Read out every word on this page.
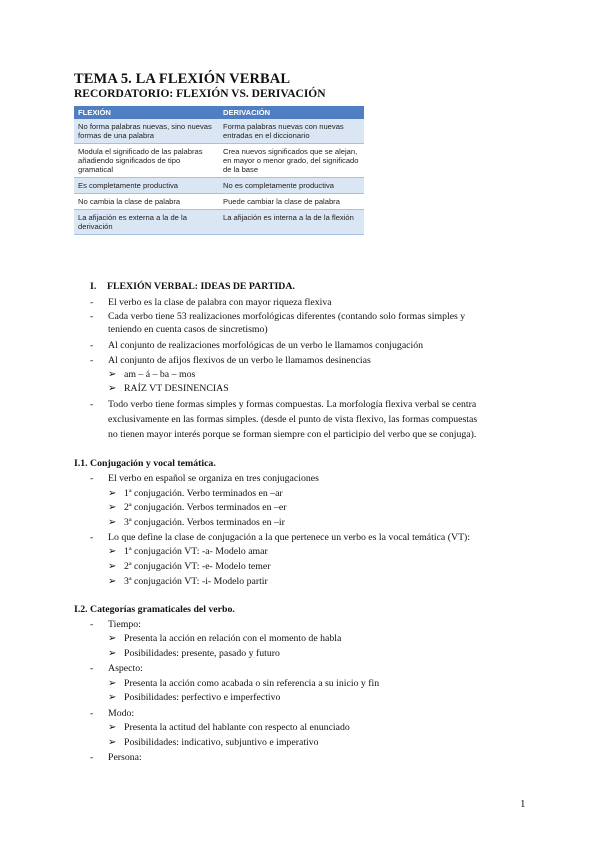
TEMA 5. LA FLEXIÓN VERBAL
RECORDATORIO: FLEXIÓN VS. DERIVACIÓN
FLEXIÓN	DERIVACIÓN
No forma palabras nuevas, sino nuevas formas de una palabra	Forma palabras nuevas con nuevas entradas en el diccionario
Modula el significado de las palabras añadiendo significados de tipo gramatical	Crea nuevos significados que se alejan, en mayor o menor grado, del significado de la base
Es completamente productiva	No es completamente productiva
No cambia la clase de palabra	Puede cambiar la clase de palabra
La afijación es externa a la de la derivación	La afijación es interna a la de la flexión
I. FLEXIÓN VERBAL: IDEAS DE PARTIDA.
- El verbo es la clase de palabra con mayor riqueza flexiva
- Cada verbo tiene 53 realizaciones morfológicas diferentes (contando solo formas simples y
teniendo en cuenta casos de sincretismo)
- Al conjunto de realizaciones morfológicas de un verbo le llamamos conjugación
- Al conjunto de afijos flexivos de un verbo le llamamos desinencias
➢ am – á – ba – mos
➢ RAÍZ VT DESINENCIAS
- Todo verbo tiene formas simples y formas compuestas. La morfología flexiva verbal se centra
exclusivamente en las formas simples. (desde el punto de vista flexivo, las formas compuestas
no tienen mayor interés porque se forman siempre con el participio del verbo que se conjuga).
I.1. Conjugación y vocal temática.
- El verbo en español se organiza en tres conjugaciones
➢ 1ª conjugación. Verbo terminados en –ar
➢ 2ª conjugación. Verbos terminados en –er
➢ 3ª conjugación. Verbos terminados en –ir
- Lo que define la clase de conjugación a la que pertenece un verbo es la vocal temática (VT):
➢ 1ª conjugación VT: -a- Modelo amar
➢ 2ª conjugación VT: -e- Modelo temer
➢ 3ª conjugación VT: -i- Modelo partir
I.2. Categorías gramaticales del verbo.
- Tiempo:
➢ Presenta la acción en relación con el momento de habla
➢ Posibilidades: presente, pasado y futuro
- Aspecto:
➢ Presenta la acción como acabada o sin referencia a su inicio y fin
➢ Posibilidades: perfectivo e imperfectivo
- Modo:
➢ Presenta la actitud del hablante con respecto al enunciado
➢ Posibilidades: indicativo, subjuntivo e imperativo
- Persona:
1
